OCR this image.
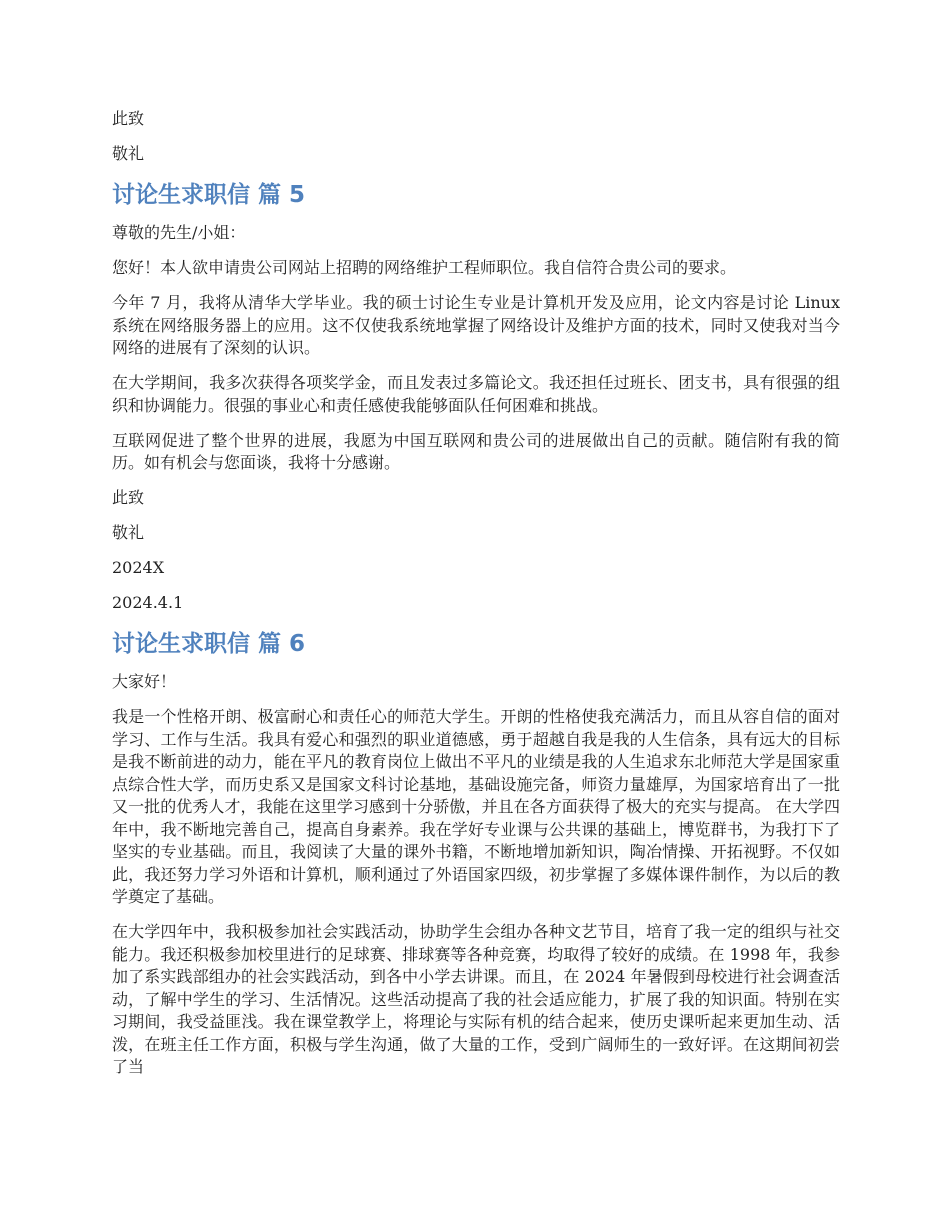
此致

敬礼

讨论生求职信 篇 5

尊敬的先生/小姐：

您好！本人欲申请贵公司网站上招聘的网络维护工程师职位。我自信符合贵公司的要求。

今年 7 月，我将从清华大学毕业。我的硕士讨论生专业是计算机开发及应用，论文内容是讨论 Linux 系统在网络服务器上的应用。这不仅使我系统地掌握了网络设计及维护方面的技术，同时又使我对当今网络的进展有了深刻的认识。

在大学期间，我多次获得各项奖学金，而且发表过多篇论文。我还担任过班长、团支书，具有很强的组织和协调能力。很强的事业心和责任感使我能够面队任何困难和挑战。

互联网促进了整个世界的进展，我愿为中国互联网和贵公司的进展做出自己的贡献。随信附有我的简历。如有机会与您面谈，我将十分感谢。

此致

敬礼

2024X

2024.4.1

讨论生求职信 篇 6

大家好！

我是一个性格开朗、极富耐心和责任心的师范大学生。开朗的性格使我充满活力，而且从容自信的面对学习、工作与生活。我具有爱心和强烈的职业道德感，勇于超越自我是我的人生信条，具有远大的目标是我不断前进的动力，能在平凡的教育岗位上做出不平凡的业绩是我的人生追求东北师范大学是国家重点综合性大学，而历史系又是国家文科讨论基地，基础设施完备，师资力量雄厚，为国家培育出了一批又一批的优秀人才，我能在这里学习感到十分骄傲，并且在各方面获得了极大的充实与提高。 在大学四年中，我不断地完善自己，提高自身素养。我在学好专业课与公共课的基础上，博览群书，为我打下了坚实的专业基础。而且，我阅读了大量的课外书籍，不断地增加新知识，陶冶情操、开拓视野。不仅如此，我还努力学习外语和计算机，顺利通过了外语国家四级，初步掌握了多媒体课件制作，为以后的教学奠定了基础。

在大学四年中，我积极参加社会实践活动，协助学生会组办各种文艺节目，培育了我一定的组织与社交能力。我还积极参加校里进行的足球赛、排球赛等各种竞赛，均取得了较好的成绩。在 1998 年，我参加了系实践部组办的社会实践活动，到各中小学去讲课。而且，在 2024 年暑假到母校进行社会调查活动，了解中学生的学习、生活情况。这些活动提高了我的社会适应能力，扩展了我的知识面。特别在实习期间，我受益匪浅。我在课堂教学上，将理论与实际有机的结合起来，使历史课听起来更加生动、活泼，在班主任工作方面，积极与学生沟通，做了大量的工作，受到广阔师生的一致好评。在这期间初尝了当
